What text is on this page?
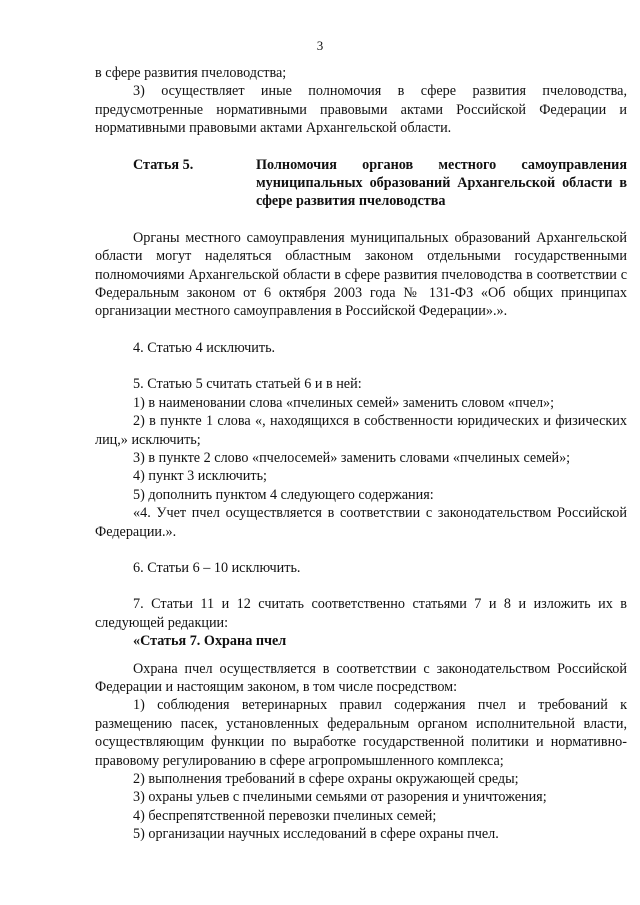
3

в сфере развития пчеловодства;

3) осуществляет иные полномочия в сфере развития пчеловодства, предусмотренные нормативными правовыми актами Российской Федерации и нормативными правовыми актами Архангельской области.

Статья 5.	Полномочия органов местного самоуправления муниципальных образований Архангельской области в сфере развития пчеловодства

Органы местного самоуправления муниципальных образований Архангельской области могут наделяться областным законом отдельными государственными полномочиями Архангельской области в сфере развития пчеловодства в соответствии с Федеральным законом от 6 октября 2003 года № 131-ФЗ «Об общих принципах организации местного самоуправления в Российской Федерации».».

4. Статью 4 исключить.

5. Статью 5 считать статьей 6 и в ней:

1) в наименовании слова «пчелиных семей» заменить словом «пчел»;

2) в пункте 1 слова «, находящихся в собственности юридических и физических лиц,» исключить;

3) в пункте 2 слово «пчелосемей» заменить словами «пчелиных семей»;

4) пункт 3 исключить;

5) дополнить пунктом 4 следующего содержания:

«4. Учет пчел осуществляется в соответствии с законодательством Российской Федерации.».

6. Статьи 6 – 10 исключить.

7. Статьи 11 и 12 считать соответственно статьями 7 и 8 и изложить их в следующей редакции:

«Статья 7. Охрана пчел

Охрана пчел осуществляется в соответствии с законодательством Российской Федерации и настоящим законом, в том числе посредством:

1) соблюдения ветеринарных правил содержания пчел и требований к размещению пасек, установленных федеральным органом исполнительной власти, осуществляющим функции по выработке государственной политики и нормативно-правовому регулированию в сфере агропромышленного комплекса;

2) выполнения требований в сфере охраны окружающей среды;

3) охраны ульев с пчелиными семьями от разорения и уничтожения;

4) беспрепятственной перевозки пчелиных семей;

5) организации научных исследований в сфере охраны пчел.
